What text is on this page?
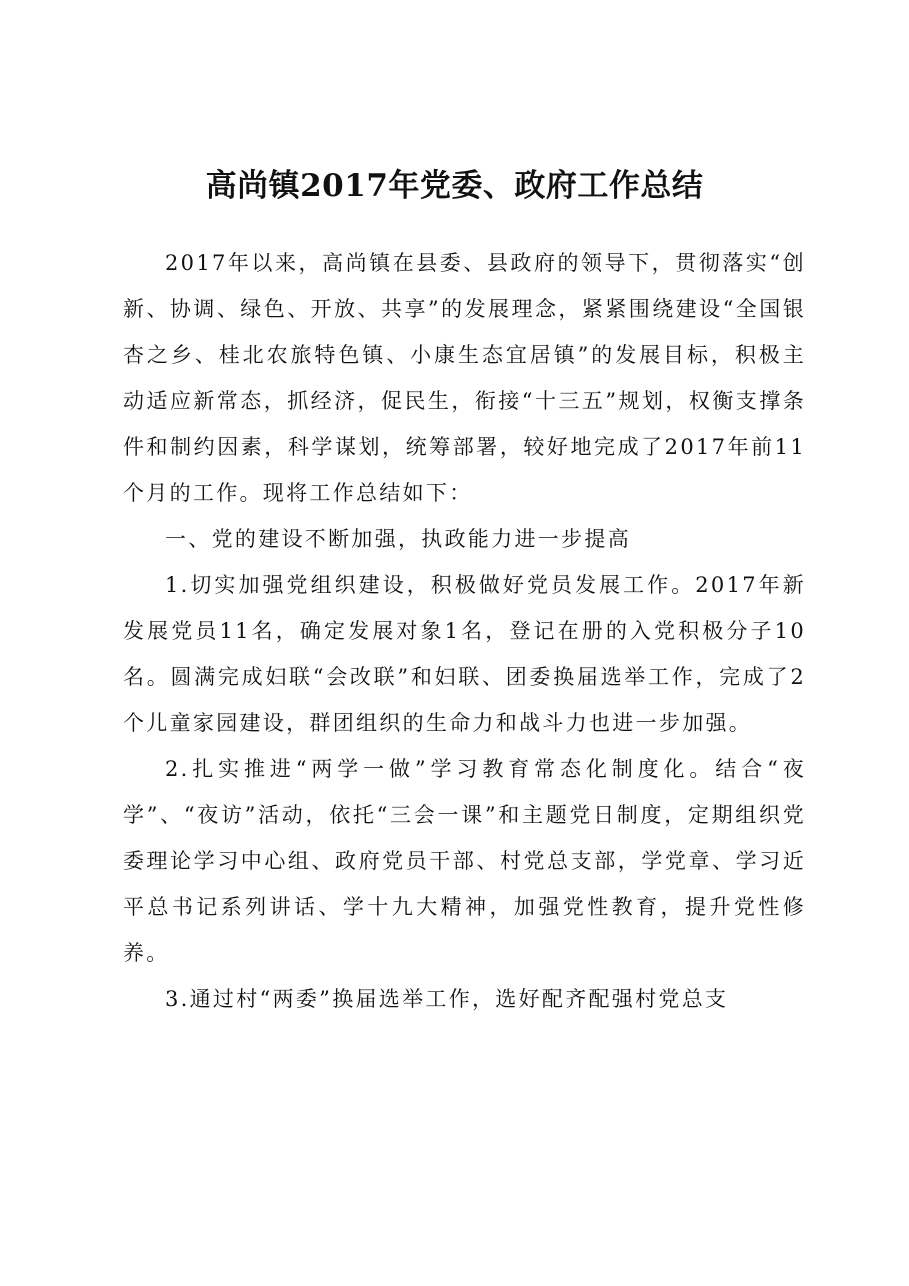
高尚镇2017年党委、政府工作总结

2017年以来，高尚镇在县委、县政府的领导下，贯彻落实“创新、协调、绿色、开放、共享”的发展理念，紧紧围绕建设“全国银杏之乡、桂北农旅特色镇、小康生态宜居镇”的发展目标，积极主动适应新常态，抓经济，促民生，衔接“十三五”规划，权衡支撑条件和制约因素，科学谋划，统筹部署，较好地完成了2017年前11个月的工作。现将工作总结如下：

一、党的建设不断加强，执政能力进一步提高

1.切实加强党组织建设，积极做好党员发展工作。2017年新发展党员11名，确定发展对象1名，登记在册的入党积极分子10名。圆满完成妇联“会改联”和妇联、团委换届选举工作，完成了2个儿童家园建设，群团组织的生命力和战斗力也进一步加强。

2.扎实推进“两学一做”学习教育常态化制度化。结合“夜学”、“夜访”活动，依托“三会一课”和主题党日制度，定期组织党委理论学习中心组、政府党员干部、村党总支部，学党章、学习近平总书记系列讲话、学十九大精神，加强党性教育，提升党性修养。

3.通过村“两委”换届选举工作，选好配齐配强村党总支
